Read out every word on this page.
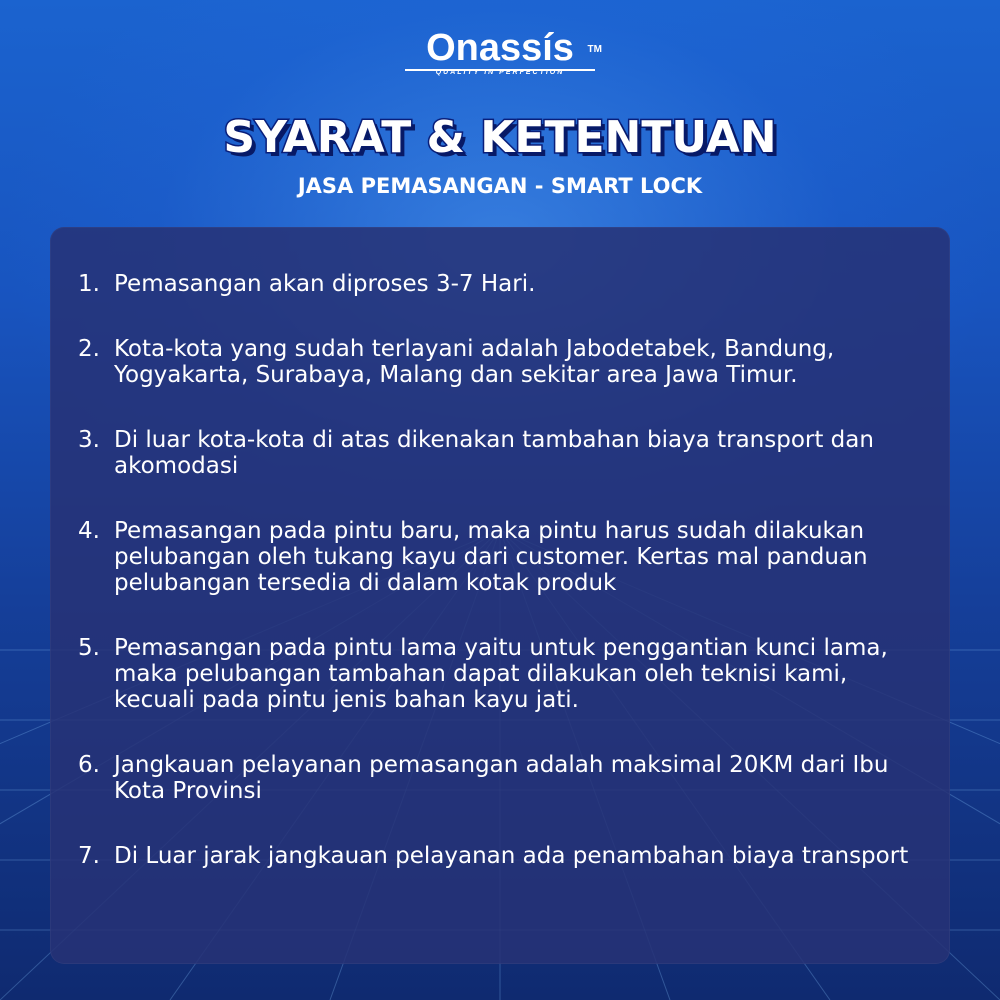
Onassís TM
QUALITY IN PERFECTION
SYARAT & KETENTUAN
JASA PEMASANGAN - SMART LOCK
1. Pemasangan akan diproses 3-7 Hari.
2. Kota-kota yang sudah terlayani adalah Jabodetabek, Bandung, Yogyakarta, Surabaya, Malang dan sekitar area Jawa Timur.
3. Di luar kota-kota di atas dikenakan tambahan biaya transport dan akomodasi
4. Pemasangan pada pintu baru, maka pintu harus sudah dilakukan pelubangan oleh tukang kayu dari customer. Kertas mal panduan pelubangan tersedia di dalam kotak produk
5. Pemasangan pada pintu lama yaitu untuk penggantian kunci lama, maka pelubangan tambahan dapat dilakukan oleh teknisi kami, kecuali pada pintu jenis bahan kayu jati.
6. Jangkauan pelayanan pemasangan adalah maksimal 20KM dari Ibu Kota Provinsi
7. Di Luar jarak jangkauan pelayanan ada penambahan biaya transport
